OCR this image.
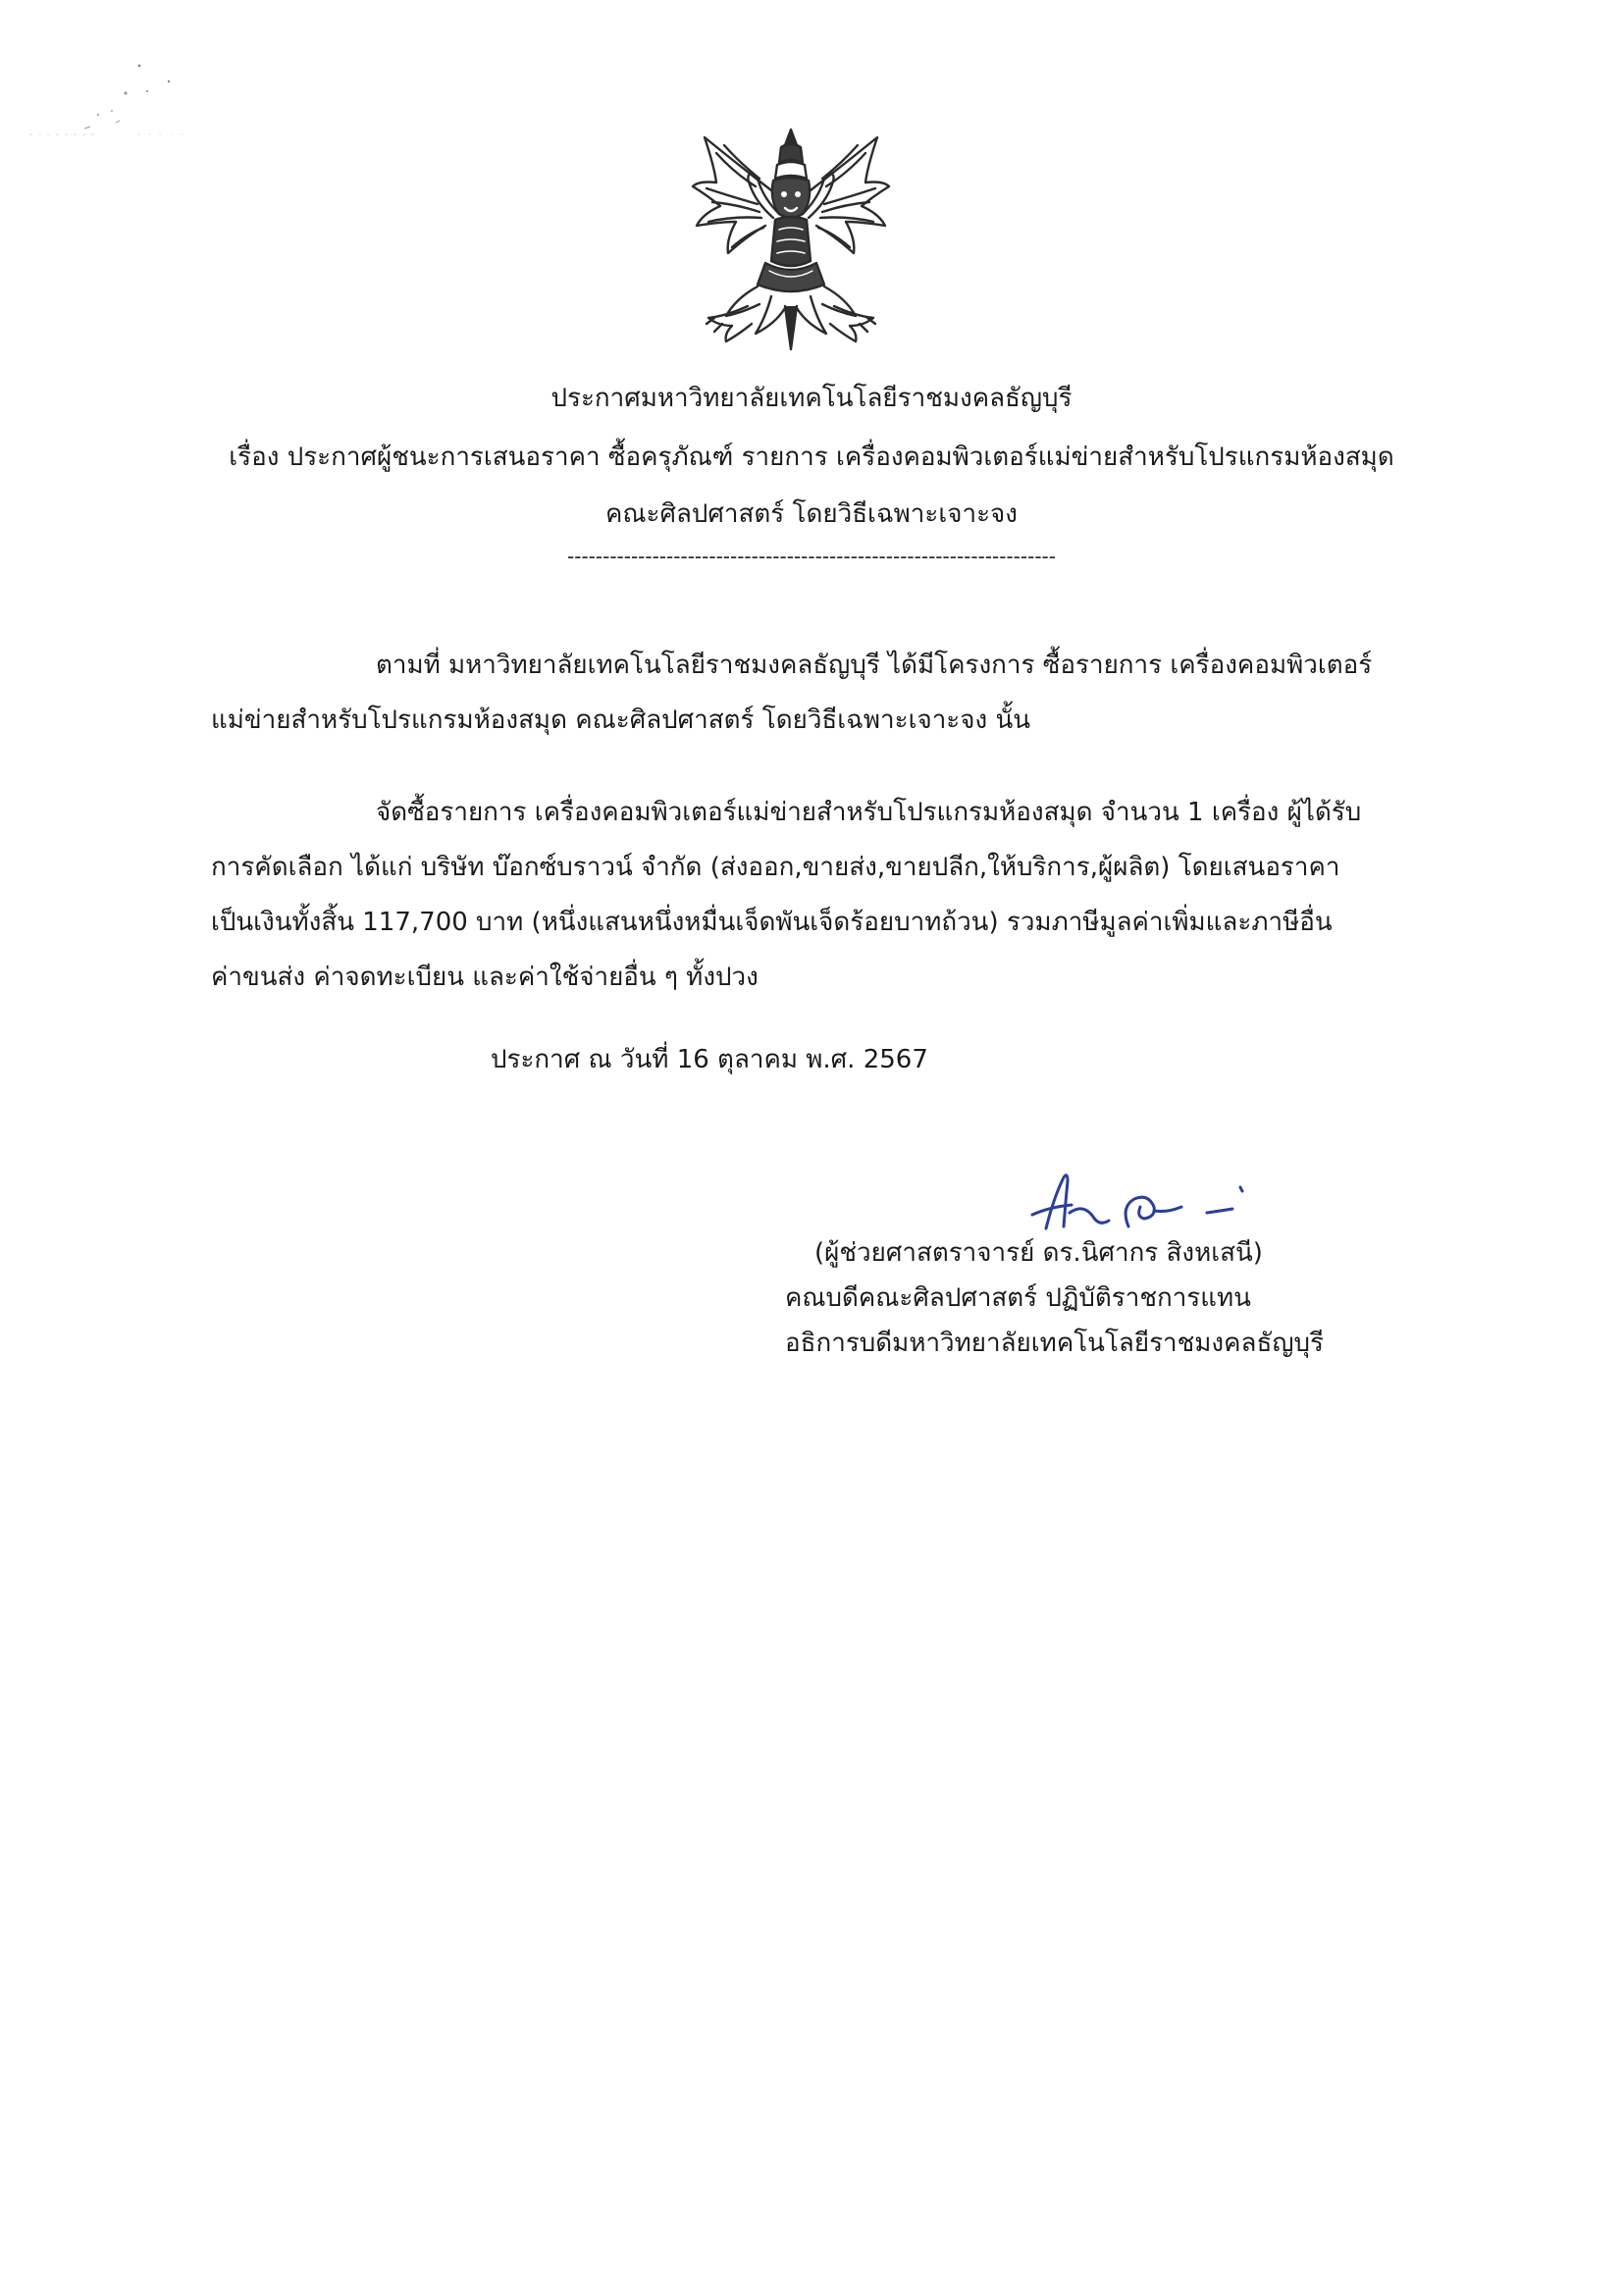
ประกาศมหาวิทยาลัยเทคโนโลยีราชมงคลธัญบุรี
เรื่อง ประกาศผู้ชนะการเสนอราคา ซื้อครุภัณฑ์ รายการ เครื่องคอมพิวเตอร์แม่ข่ายสำหรับโปรแกรมห้องสมุด
คณะศิลปศาสตร์ โดยวิธีเฉพาะเจาะจง
---------------------------------------------------------------------

ตามที่ มหาวิทยาลัยเทคโนโลยีราชมงคลธัญบุรี ได้มีโครงการ ซื้อรายการ เครื่องคอมพิวเตอร์

แม่ข่ายสำหรับโปรแกรมห้องสมุด คณะศิลปศาสตร์ โดยวิธีเฉพาะเจาะจง นั้น

จัดซื้อรายการ เครื่องคอมพิวเตอร์แม่ข่ายสำหรับโปรแกรมห้องสมุด จำนวน 1 เครื่อง ผู้ได้รับ

การคัดเลือก ได้แก่ บริษัท บ๊อกซ์บราวน์ จำกัด (ส่งออก,ขายส่ง,ขายปลีก,ให้บริการ,ผู้ผลิต) โดยเสนอราคา

เป็นเงินทั้งสิ้น 117,700 บาท (หนึ่งแสนหนึ่งหมื่นเจ็ดพันเจ็ดร้อยบาทถ้วน) รวมภาษีมูลค่าเพิ่มและภาษีอื่น

ค่าขนส่ง ค่าจดทะเบียน และค่าใช้จ่ายอื่น ๆ ทั้งปวง

ประกาศ ณ วันที่ 16 ตุลาคม พ.ศ. 2567
(ผู้ช่วยศาสตราจารย์ ดร.นิศากร สิงหเสนี)
คณบดีคณะศิลปศาสตร์ ปฏิบัติราชการแทน
อธิการบดีมหาวิทยาลัยเทคโนโลยีราชมงคลธัญบุรี
